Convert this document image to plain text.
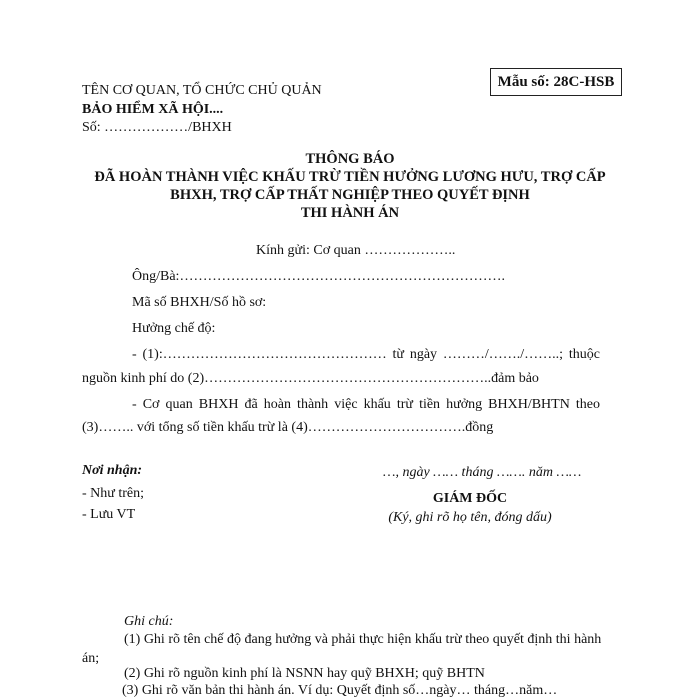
Mẫu số: 28C-HSB
TÊN CƠ QUAN, TỔ CHỨC CHỦ QUẢN
BẢO HIỂM XÃ HỘI....
Số: ………………/BHXH
THÔNG BÁO
ĐÃ HOÀN THÀNH VIỆC KHẤU TRỪ TIỀN HƯỞNG LƯƠNG HƯU, TRỢ CẤP
BHXH, TRỢ CẤP THẤT NGHIỆP THEO QUYẾT ĐỊNH
THI HÀNH ÁN
Kính gửi: Cơ quan ………………..
Ông/Bà:…………………………………………………………….
Mã số BHXH/Số hồ sơ:
Hưởng chế độ:
- (1):………………………………………… từ ngày ………/……./……..; thuộc
nguồn kinh phí do (2)……………………………………………………..đảm bảo
- Cơ quan BHXH đã hoàn thành việc khấu trừ tiền hưởng BHXH/BHTN theo
(3)…….. với tổng số tiền khấu trừ là (4)…………………………….đồng
Nơi nhận:
- Như trên;
- Lưu VT
…, ngày …… tháng ……. năm ……
GIÁM ĐỐC
(Ký, ghi rõ họ tên, đóng dấu)
Ghi chú:
(1) Ghi rõ tên chế độ đang hưởng và phải thực hiện khấu trừ theo quyết định thi hành
án;
(2) Ghi rõ nguồn kinh phí là NSNN hay quỹ BHXH; quỹ BHTN
(3) Ghi rõ văn bản thi hành án. Ví dụ: Quyết định số…ngày… tháng…năm…
